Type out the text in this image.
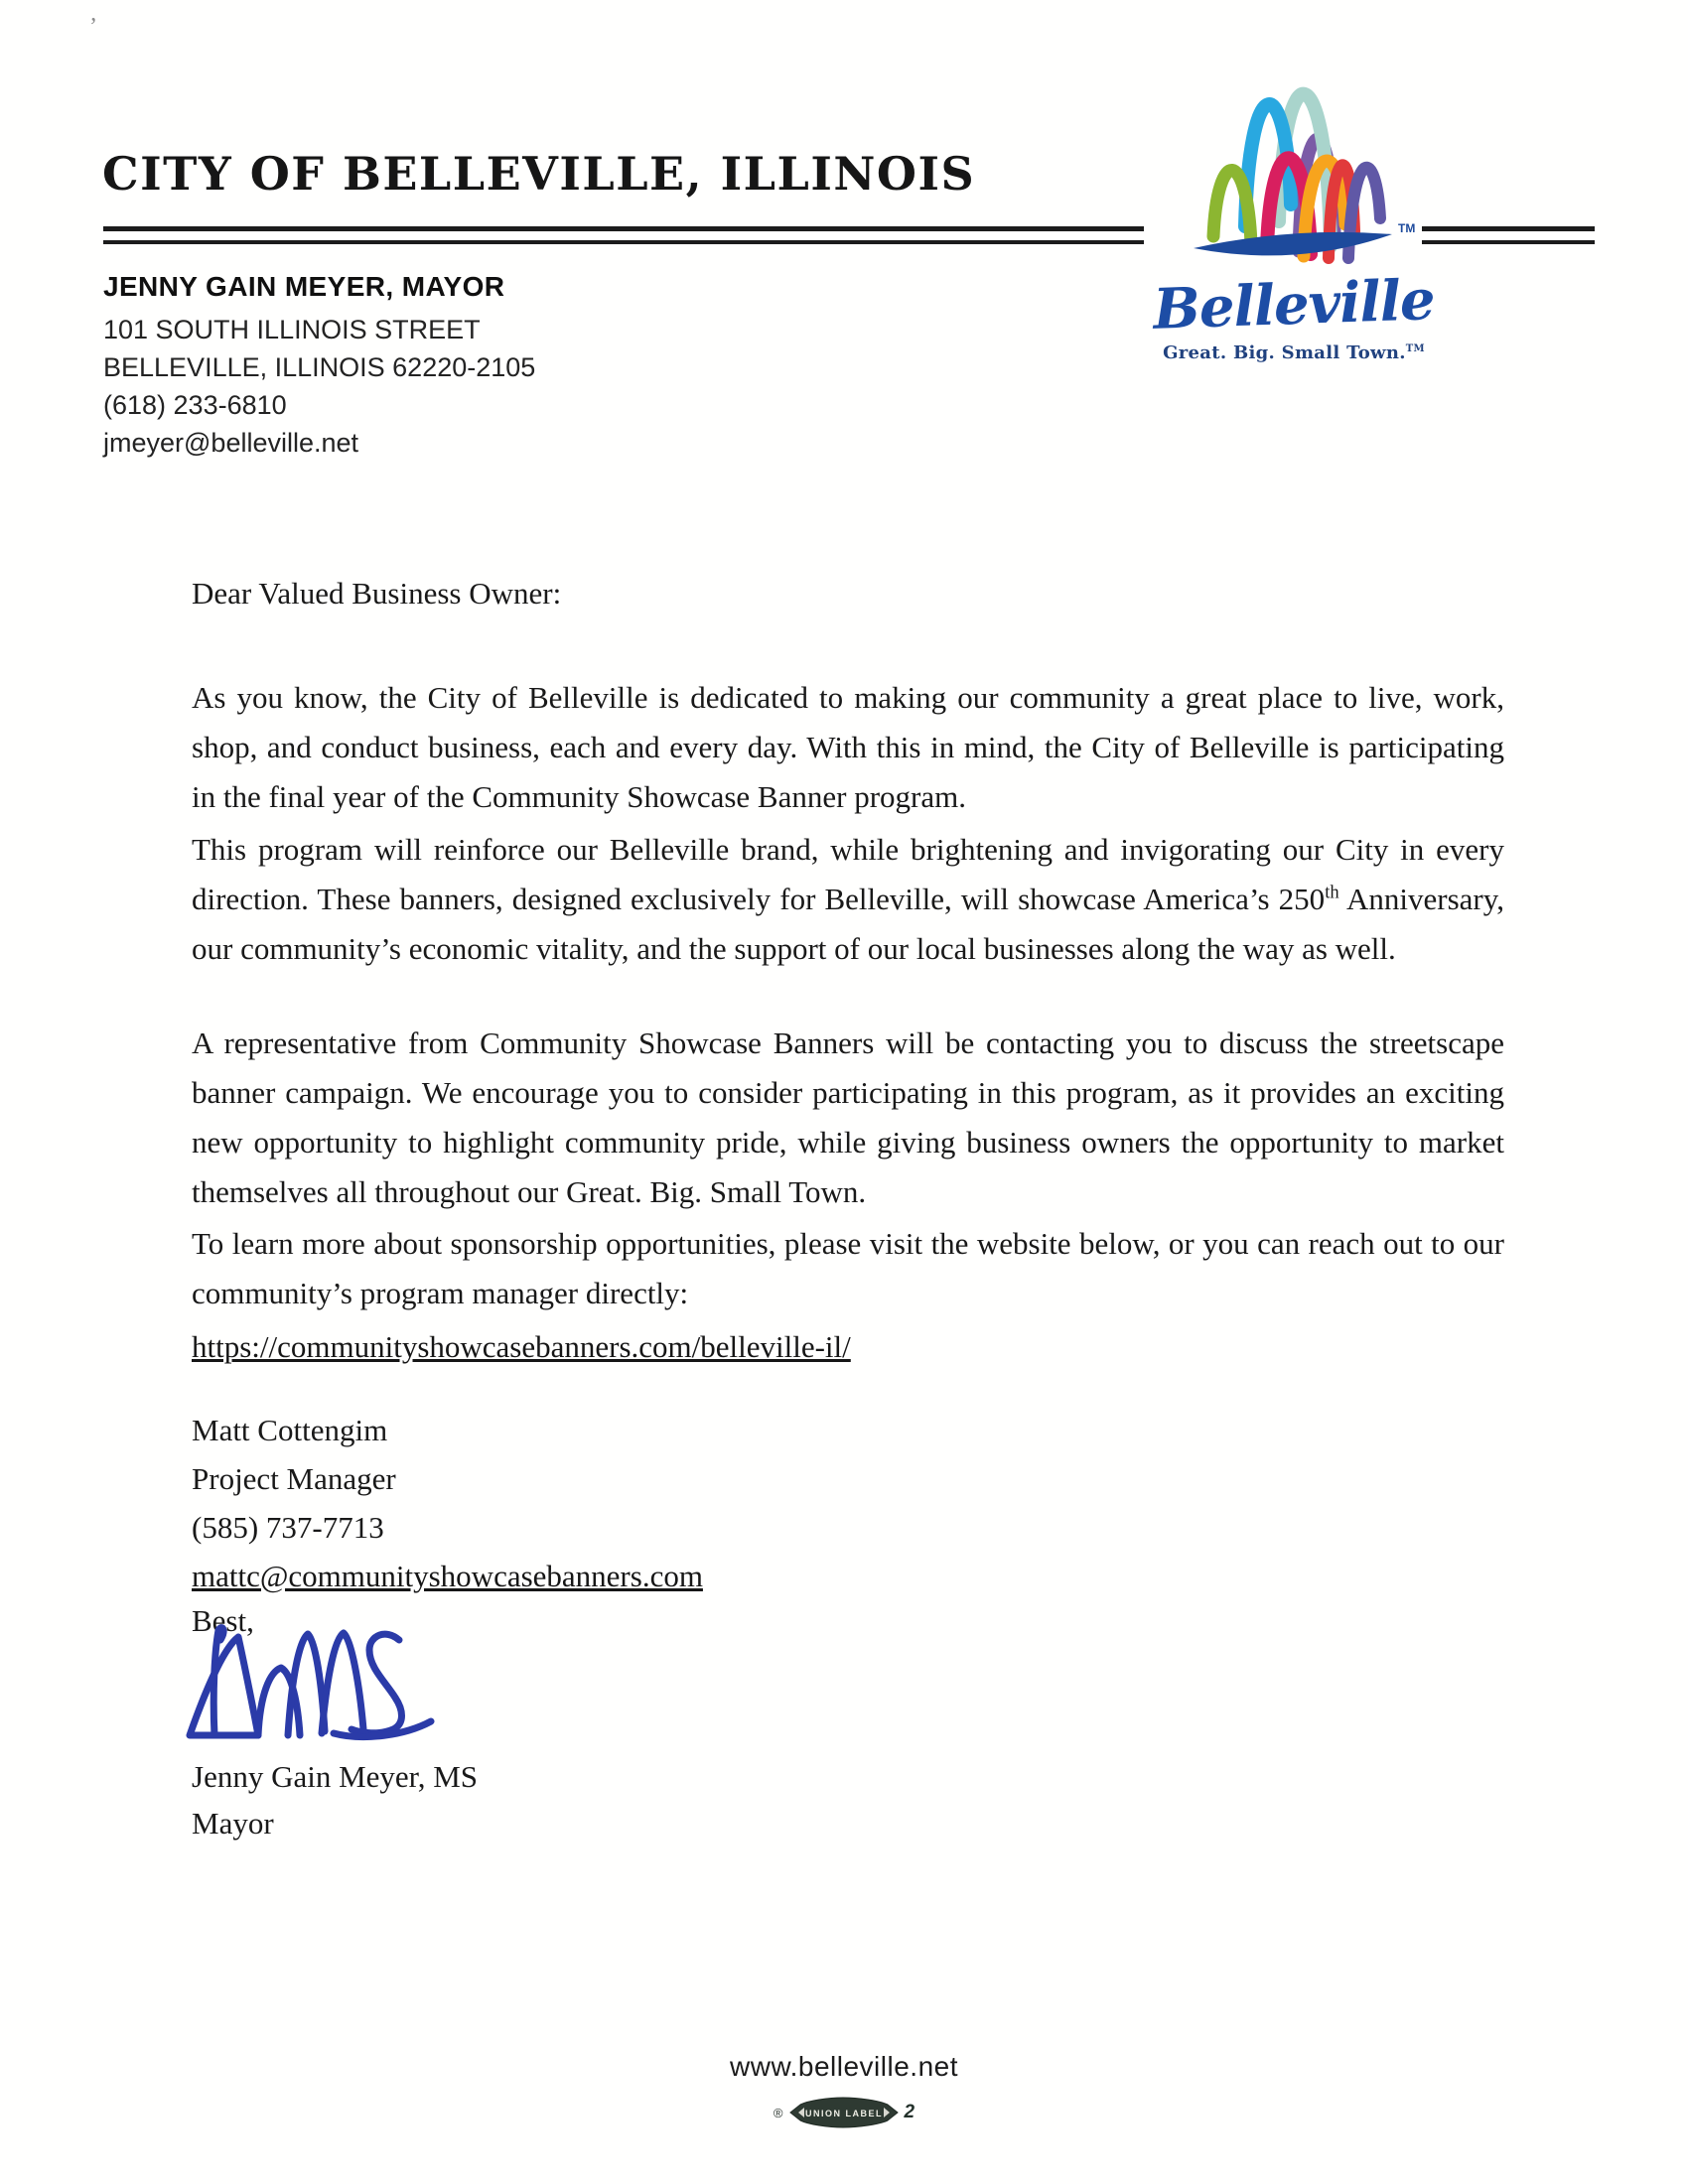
’
CITY OF BELLEVILLE, ILLINOIS
JENNY GAIN MEYER, MAYOR
101 SOUTH ILLINOIS STREET
BELLEVILLE, ILLINOIS 62220-2105
(618) 233-6810
jmeyer@belleville.net
TM
Belleville
Great. Big. Small Town.™
Dear Valued Business Owner:

As you know, the City of Belleville is dedicated to making our community a great place to live, work, shop, and conduct business, each and every day. With this in mind, the City of Belleville is participating in the final year of the Community Showcase Banner program.

This program will reinforce our Belleville brand, while brightening and invigorating our City in every direction. These banners, designed exclusively for Belleville, will showcase America’s 250th Anniversary, our community’s economic vitality, and the support of our local businesses along the way as well.

A representative from Community Showcase Banners will be contacting you to discuss the streetscape banner campaign. We encourage you to consider participating in this program, as it provides an exciting new opportunity to highlight community pride, while giving business owners the opportunity to market themselves all throughout our Great. Big. Small Town.

To learn more about sponsorship opportunities, please visit the website below, or you can reach out to our community’s program manager directly:

https://communityshowcasebanners.com/belleville-il/
Matt Cottengim
Project Manager
(585) 737-7713
mattc@communityshowcasebanners.com
Best,
Jenny Gain Meyer, MS
Mayor
www.belleville.net
® UNION LABEL 2
